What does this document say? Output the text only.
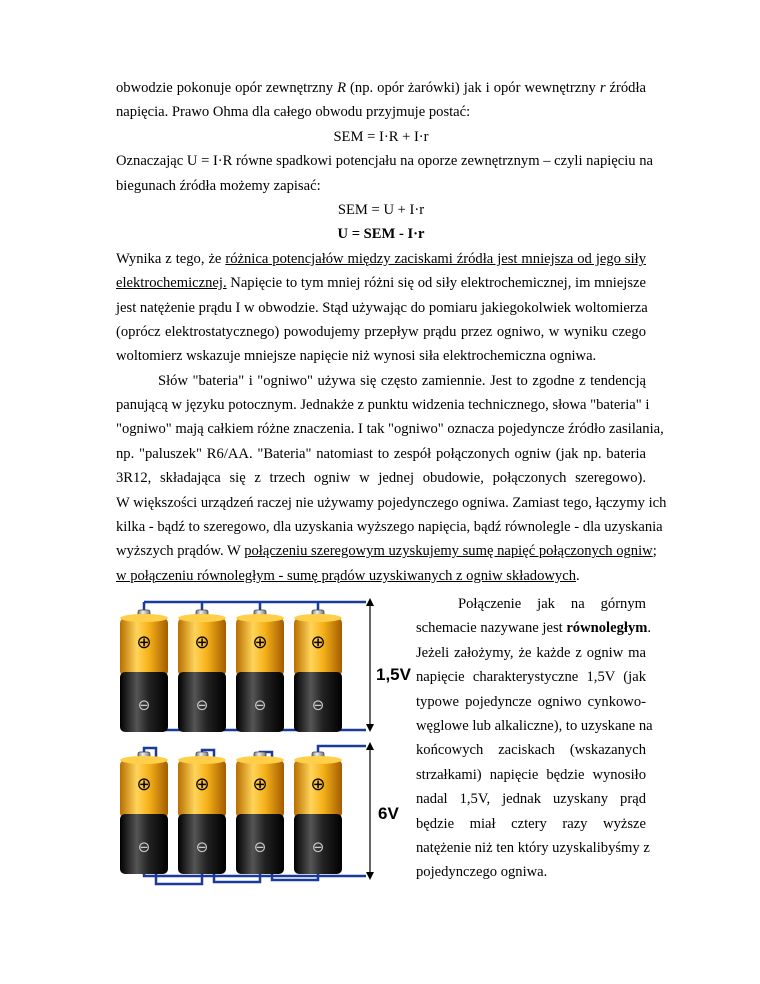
obwodzie pokonuje opór zewnętrzny R (np. opór żarówki) jak i opór wewnętrzny r źródła
napięcia. Prawo Ohma dla całego obwodu przyjmuje postać:
SEM = I·R + I·r
Oznaczając U = I·R równe spadkowi potencjału na oporze zewnętrznym – czyli napięciu na
biegunach źródła możemy zapisać:
SEM = U + I·r
U = SEM - I·r
Wynika z tego, że różnica potencjałów między zaciskami źródła jest mniejsza od jego siły
elektrochemicznej. Napięcie to tym mniej różni się od siły elektrochemicznej, im mniejsze
jest natężenie prądu I w obwodzie. Stąd używając do pomiaru jakiegokolwiek woltomierza
(oprócz elektrostatycznego) powodujemy przepływ prądu przez ogniwo, w wyniku czego
woltomierz wskazuje mniejsze napięcie niż wynosi siła elektrochemiczna ogniwa.
Słów "bateria" i "ogniwo" używa się często zamiennie. Jest to zgodne z tendencją
panującą w języku potocznym. Jednakże z punktu widzenia technicznego, słowa "bateria" i
"ogniwo" mają całkiem różne znaczenia. I tak "ogniwo" oznacza pojedyncze źródło zasilania,
np. "paluszek" R6/AA. "Bateria" natomiast to zespół połączonych ogniw (jak np. bateria
3R12, składająca się z trzech ogniw w jednej obudowie, połączonych szeregowo).
W większości urządzeń raczej nie używamy pojedynczego ogniwa. Zamiast tego, łączymy ich
kilka - bądź to szeregowo, dla uzyskania wyższego napięcia, bądź równolegle - dla uzyskania
wyższych prądów. W połączeniu szeregowym uzyskujemy sumę napięć połączonych ogniw;
w połączeniu równoległym - sumę prądów uzyskiwanych z ogniw składowych.
⊕
⊖
⊕
⊖
⊕
⊖
⊕
⊖
⊕
⊖
⊕
⊖
⊕
⊖
⊕
⊖
1,5V
6V
Połączenie jak na górnym
schemacie nazywane jest równoległym.
Jeżeli założymy, że każde z ogniw ma
napięcie charakterystyczne 1,5V (jak
typowe pojedyncze ogniwo cynkowo-
węglowe lub alkaliczne), to uzyskane na
końcowych zaciskach (wskazanych
strzałkami) napięcie będzie wynosiło
nadal 1,5V, jednak uzyskany prąd
będzie miał cztery razy wyższe
natężenie niż ten który uzyskalibyśmy z
pojedynczego ogniwa.
